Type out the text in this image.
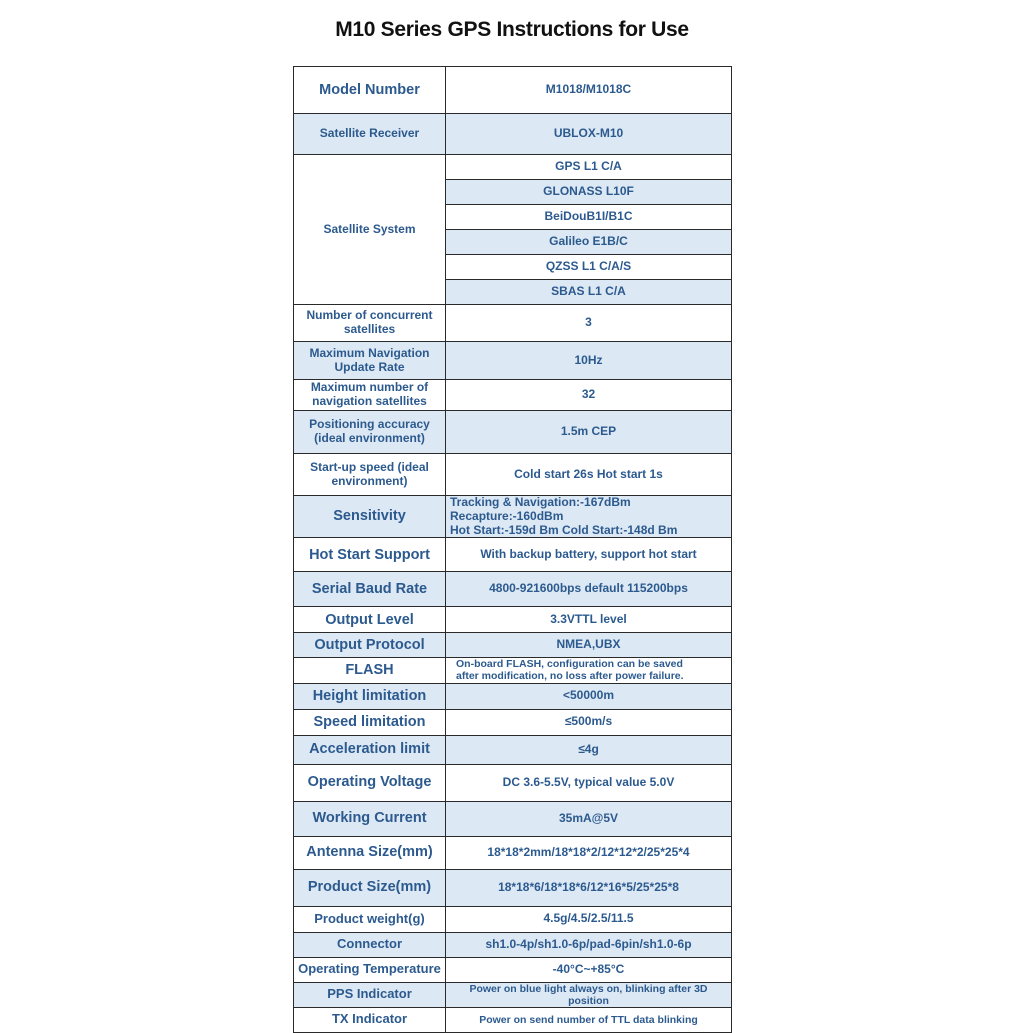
M10 Series GPS Instructions for Use
Model Number	M1018/M1018C
Satellite Receiver	UBLOX-M10
Satellite System	GPS L1 C/A
	GLONASS L10F
	BeiDouB1I/B1C
	Galileo E1B/C
	QZSS L1 C/A/S
	SBAS L1 C/A
Number of concurrent satellites	3
Maximum Navigation Update Rate	10Hz
Maximum number of navigation satellites	32
Positioning accuracy (ideal environment)	1.5m CEP
Start-up speed (ideal environment)	Cold start 26s Hot start 1s
Sensitivity	Tracking & Navigation:-167dBm Recapture:-160dBm
Hot Start:-159d Bm Cold Start:-148d Bm

Hot Start Support	With backup battery, support hot start
Serial Baud Rate	4800-921600bps default 115200bps
Output Level	3.3VTTL level
Output Protocol	NMEA,UBX
FLASH	On-board FLASH, configuration can be saved
after modification, no loss after power failure.

Height limitation	<50000m
Speed limitation	≤500m/s
Acceleration limit	≤4g
Operating Voltage	DC 3.6-5.5V, typical value 5.0V
Working Current	35mA@5V
Antenna Size(mm)	18*18*2mm/18*18*2/12*12*2/25*25*4
Product Size(mm)	18*18*6/18*18*6/12*16*5/25*25*8
Product weight(g)	4.5g/4.5/2.5/11.5
Connector	sh1.0-4p/sh1.0-6p/pad-6pin/sh1.0-6p
Operating Temperature	-40°C~+85°C
PPS Indicator	Power on blue light always on, blinking after 3D position
TX Indicator	Power on send number of TTL data blinking
